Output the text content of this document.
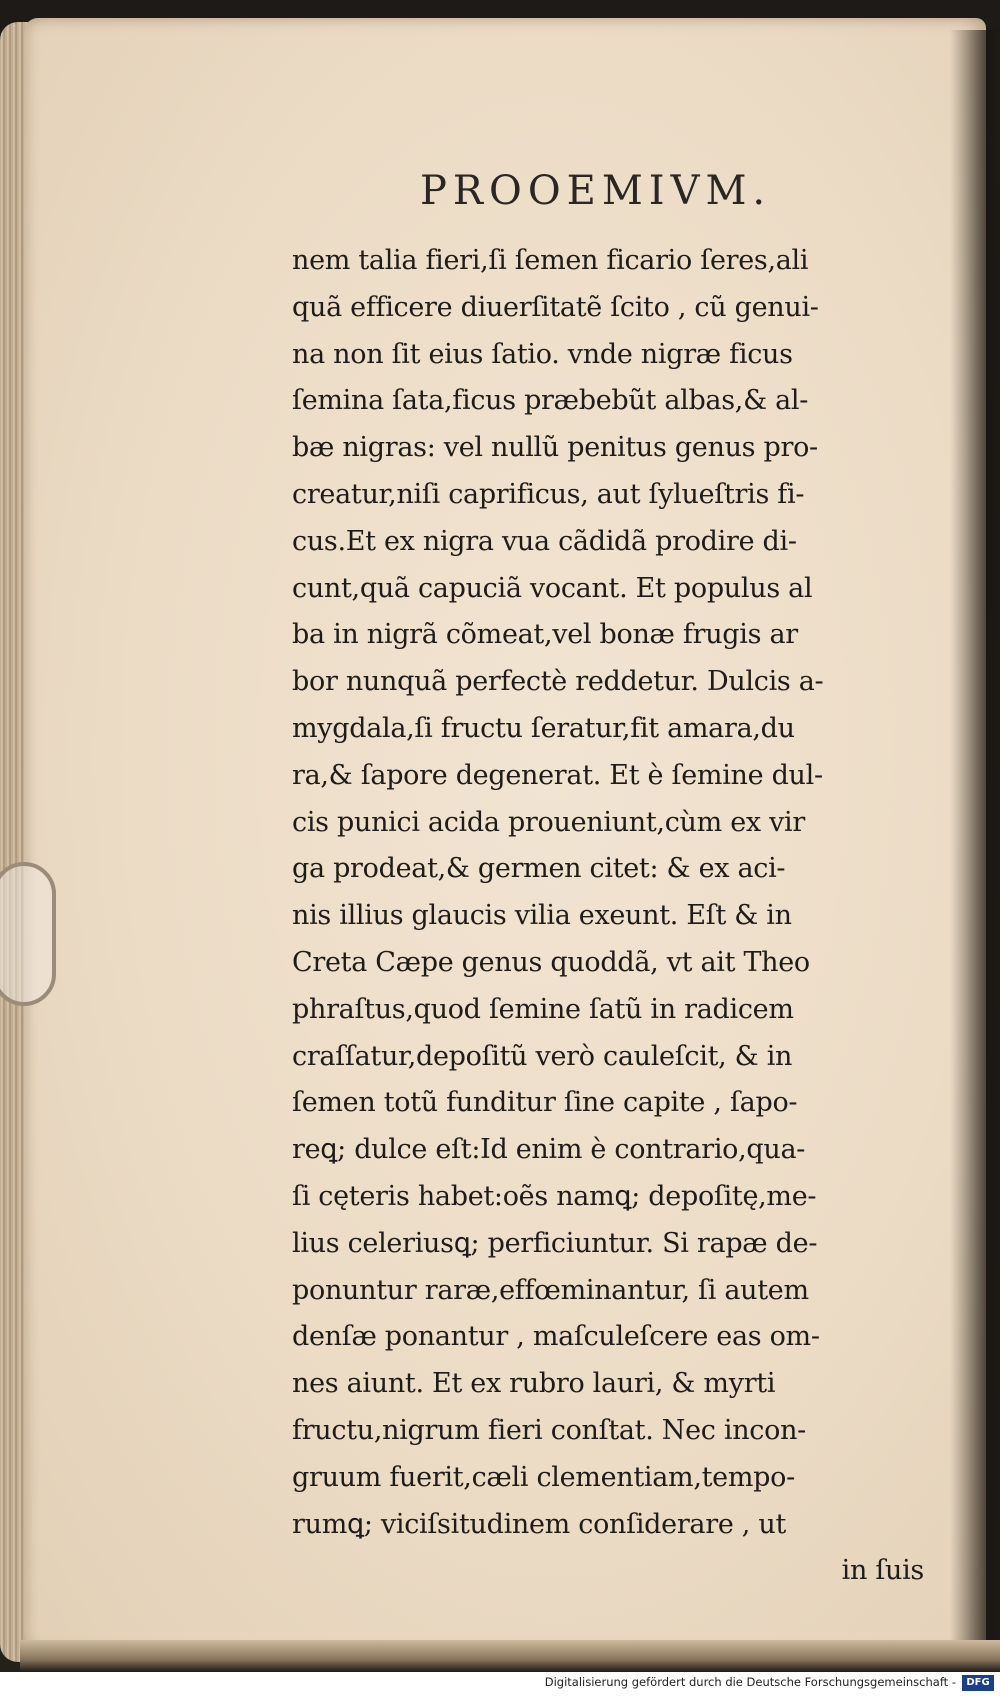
PROOEMIVM.
nem talia fieri,ſi ſemen ficario ſeres,ali
quã efficere diuerſitatẽ ſcito , cũ genui-
na non ſit eius ſatio. vnde nigræ ficus
ſemina ſata,ficus præbebũt albas,& al-
bæ nigras: vel nullũ penitus genus pro-
creatur,niſi caprificus, aut ſylueſtris fi-
cus.Et ex nigra vua cãdidã prodire di-
cunt,quã capuciã vocant. Et populus al
ba in nigrã cõmeat,vel bonæ frugis ar
bor nunquã perfectè reddetur. Dulcis a-
mygdala,ſi fructu ſeratur,fit amara,du
ra,& ſapore degenerat. Et è ſemine dul-
cis punici acida proueniunt,cùm ex vir
ga prodeat,& germen citet: & ex aci-
nis illius glaucis vilia exeunt. Eſt & in
Creta Cæpe genus quoddã, vt ait Theo
phraſtus,quod ſemine ſatũ in radicem
craſſatur,depoſitũ verò cauleſcit, & in
ſemen totũ funditur ſine capite , ſapo-
reꝗ; dulce eſt:Id enim è contrario,qua-
ſi cęteris habet:oẽs namꝗ; depoſitę,me-
lius celeriusꝗ; perficiuntur. Si rapæ de-
ponuntur raræ,effœminantur, ſi autem
denſæ ponantur , maſculeſcere eas om-
nes aiunt. Et ex rubro lauri, & myrti
fructu,nigrum fieri conſtat. Nec incon-
gruum fuerit,cæli clementiam,tempo-
rumꝗ; viciſsitudinem conſiderare , ut
in ſuis
Digitalisierung gefördert durch die Deutsche Forschungsgemeinschaft -	DFG
